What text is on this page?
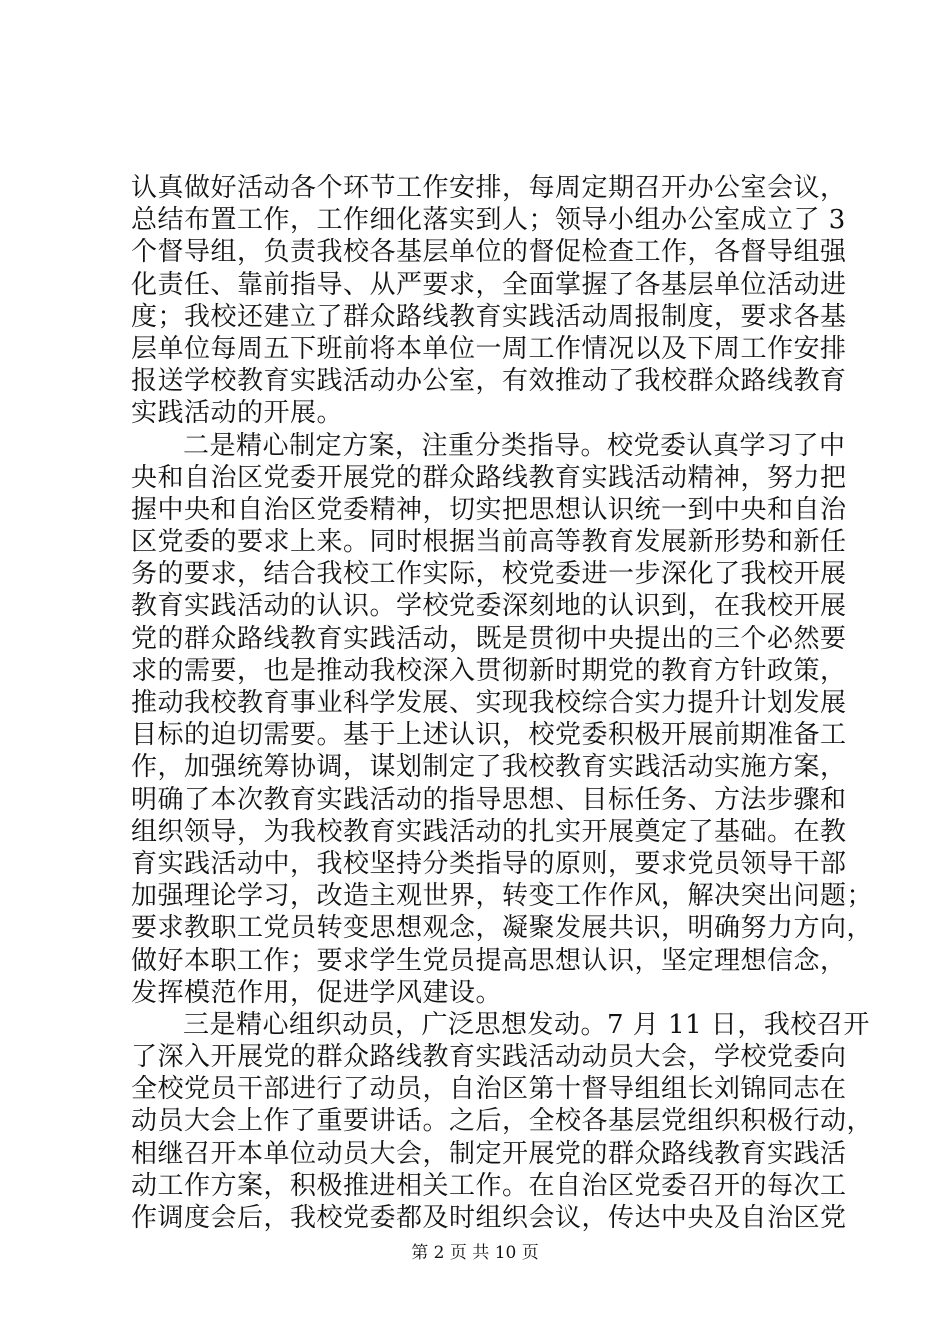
认真做好活动各个环节工作安排，每周定期召开办公室会议，
总结布置工作，工作细化落实到人；领导小组办公室成立了 3
个督导组，负责我校各基层单位的督促检查工作，各督导组强
化责任、靠前指导、从严要求，全面掌握了各基层单位活动进
度；我校还建立了群众路线教育实践活动周报制度，要求各基
层单位每周五下班前将本单位一周工作情况以及下周工作安排
报送学校教育实践活动办公室，有效推动了我校群众路线教育
实践活动的开展。
二是精心制定方案，注重分类指导。校党委认真学习了中
央和自治区党委开展党的群众路线教育实践活动精神，努力把
握中央和自治区党委精神，切实把思想认识统一到中央和自治
区党委的要求上来。同时根据当前高等教育发展新形势和新任
务的要求，结合我校工作实际，校党委进一步深化了我校开展
教育实践活动的认识。学校党委深刻地的认识到，在我校开展
党的群众路线教育实践活动，既是贯彻中央提出的三个必然要
求的需要，也是推动我校深入贯彻新时期党的教育方针政策，
推动我校教育事业科学发展、实现我校综合实力提升计划发展
目标的迫切需要。基于上述认识，校党委积极开展前期准备工
作，加强统筹协调，谋划制定了我校教育实践活动实施方案，
明确了本次教育实践活动的指导思想、目标任务、方法步骤和
组织领导，为我校教育实践活动的扎实开展奠定了基础。在教
育实践活动中，我校坚持分类指导的原则，要求党员领导干部
加强理论学习，改造主观世界，转变工作作风，解决突出问题；
要求教职工党员转变思想观念，凝聚发展共识，明确努力方向，
做好本职工作；要求学生党员提高思想认识，坚定理想信念，
发挥模范作用，促进学风建设。
三是精心组织动员，广泛思想发动。7 月 11 日，我校召开
了深入开展党的群众路线教育实践活动动员大会，学校党委向
全校党员干部进行了动员，自治区第十督导组组长刘锦同志在
动员大会上作了重要讲话。之后，全校各基层党组织积极行动，
相继召开本单位动员大会，制定开展党的群众路线教育实践活
动工作方案，积极推进相关工作。在自治区党委召开的每次工
作调度会后，我校党委都及时组织会议，传达中央及自治区党
第 2 页 共 10 页
